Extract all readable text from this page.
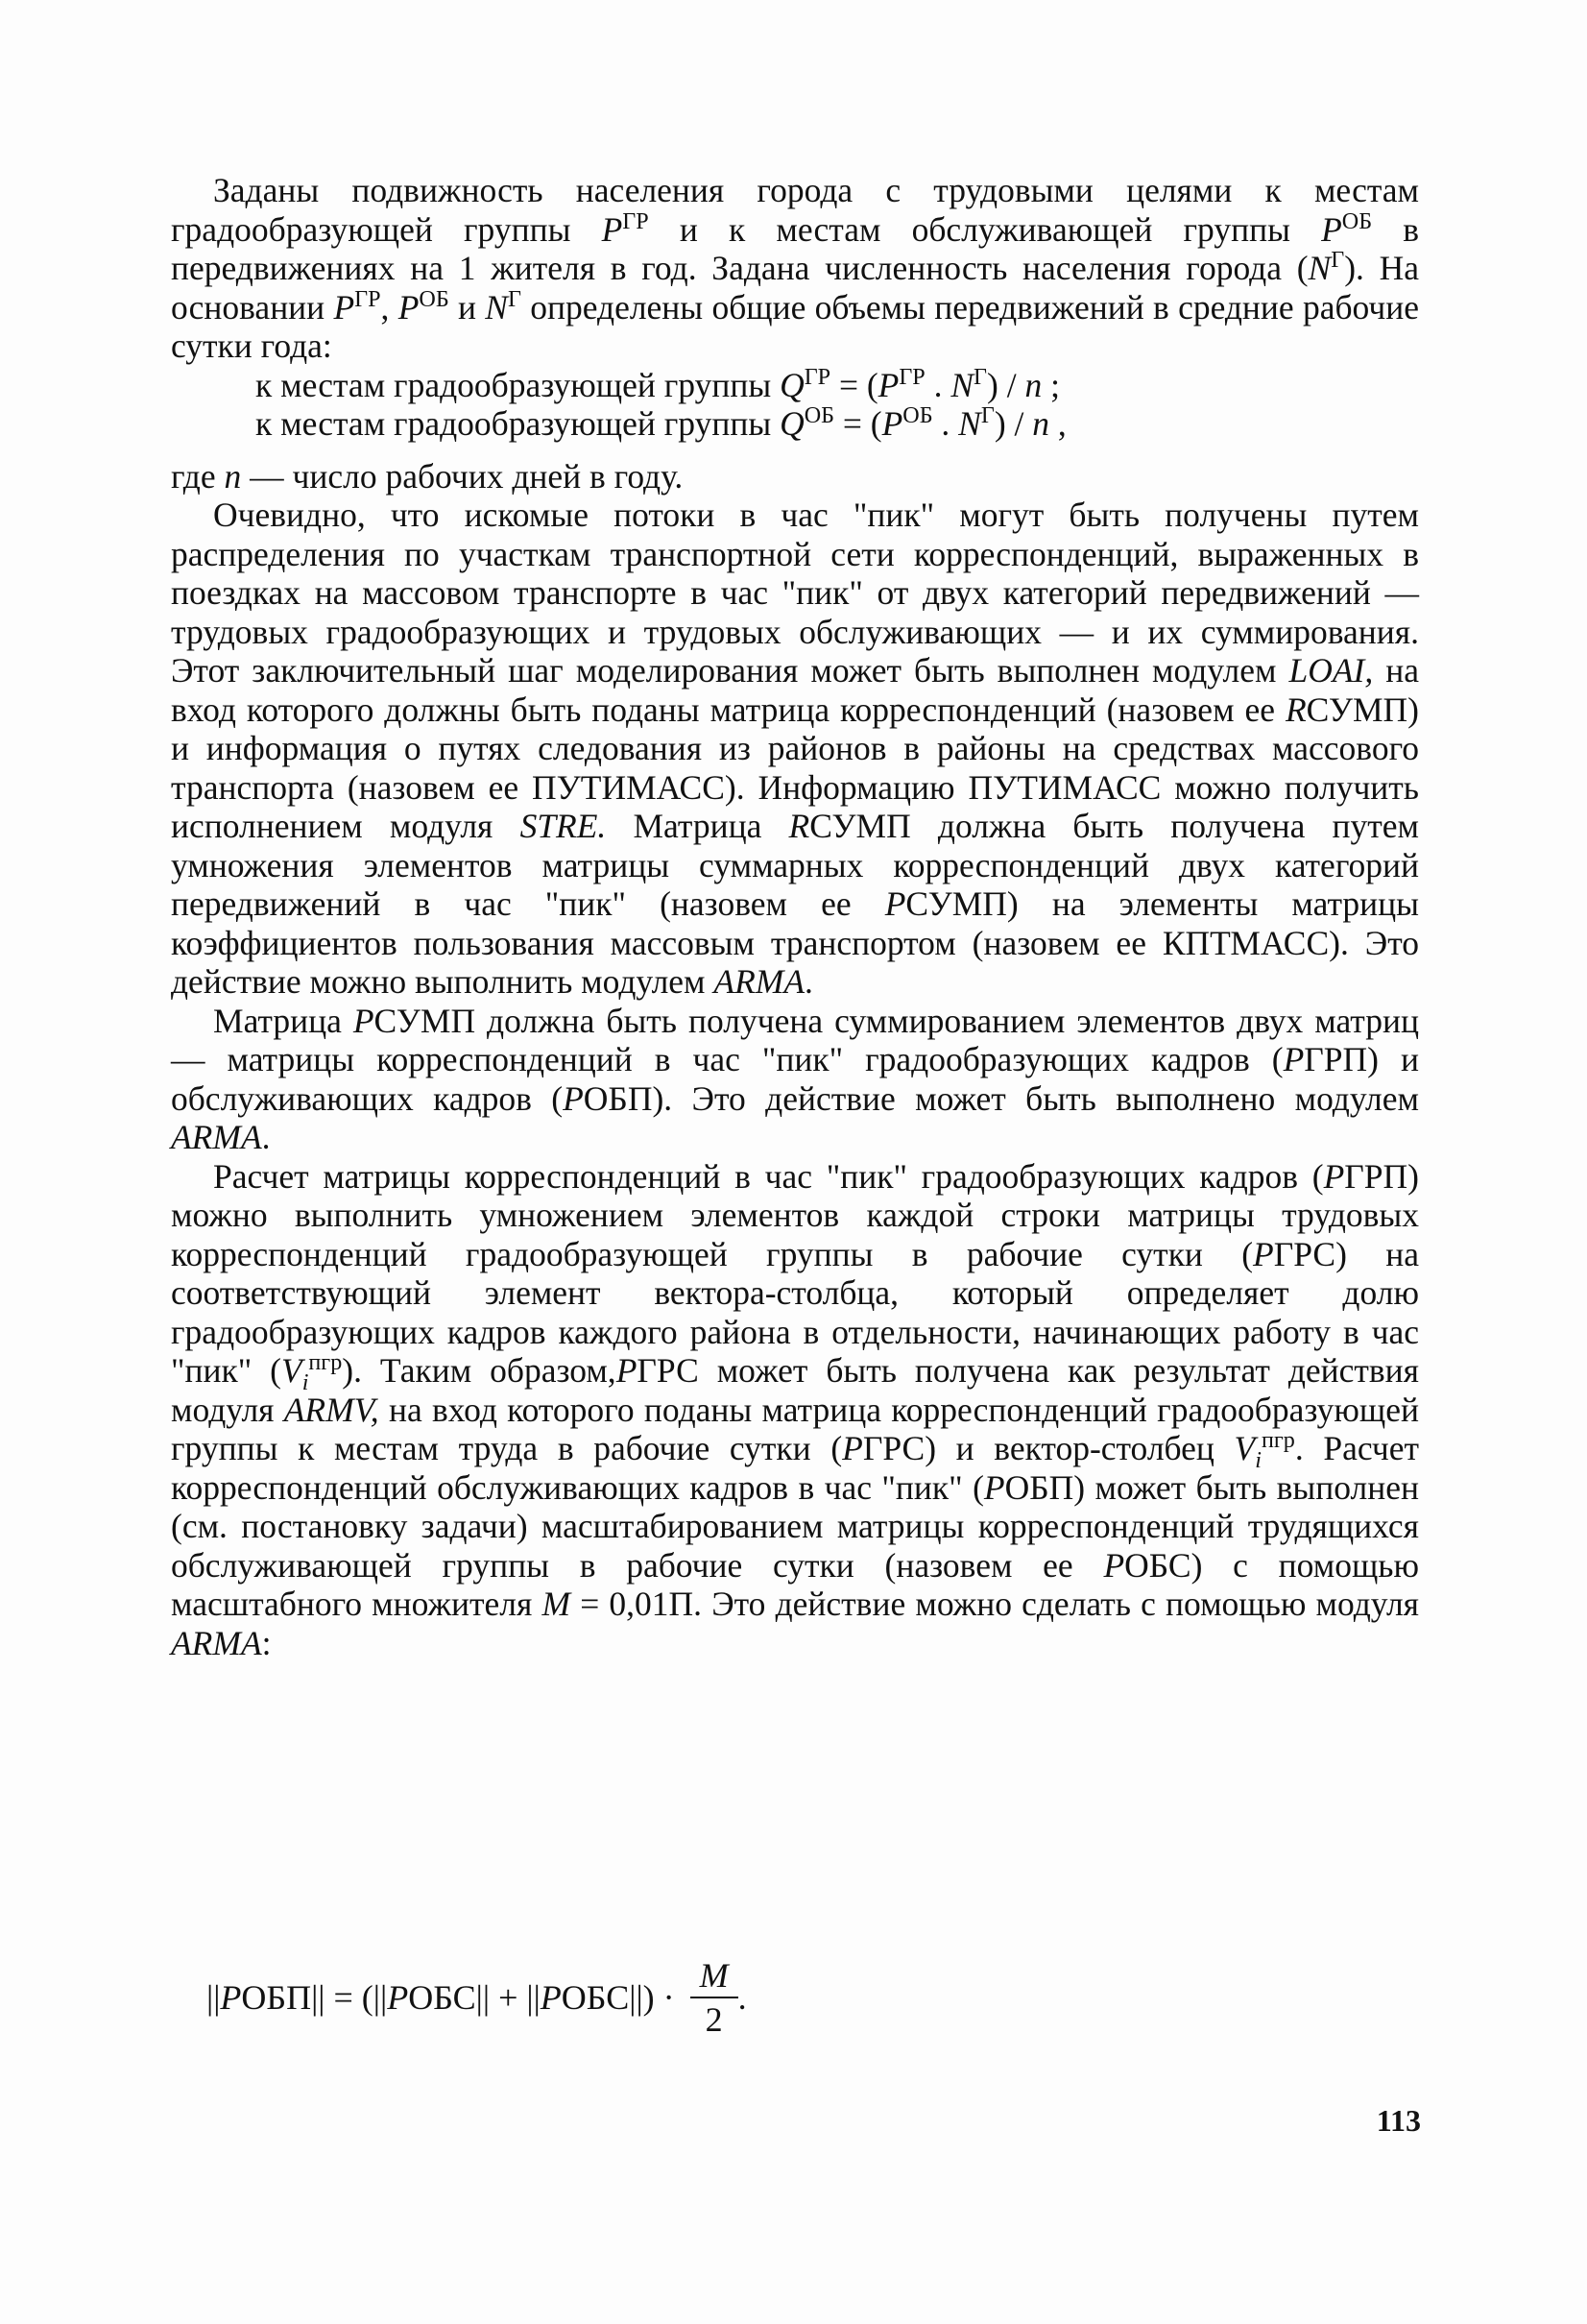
Заданы подвижность населения города с трудовыми целями к местам градообразующей группы $P^{ГР}$ и к местам обслуживающей группы $P^{ОБ}$ в передвижениях на 1 жителя в год. Задана численность населения города $(N^Г)$. На основании $P^{ГР}$, $P^{ОБ}$ и $N^Г$ определены общие объемы передвижений в средние рабочие сутки года:

к местам градообразующей группы $Q^{ГР} = (P^{ГР}$ . $N^Г$) / n ;

к местам градообразующей группы $Q^{ОБ} = (P^{ОБ}$ . $N^Г$) / n ,

где n — число рабочих дней в году.

Очевидно, что искомые потоки в час "пик" могут быть получены путем распределения по участкам транспортной сети корреспонденций, выраженных в поездках на массовом транспорте в час "пик" от двух категорий передвижений — трудовых градообразующих и трудовых обслуживающих — и их суммирования. Этот заключительный шаг моделирования может быть выполнен модулем LOAI, на вход которого должны быть поданы матрица корреспонденций (назовем ее RСУМП) и информация о путях следования из районов в районы на средствах массового транспорта (назовем ее ПУТИМАСС). Информацию ПУТИМАСС можно получить исполнением модуля STRE. Матрица RСУМП должна быть получена путем умножения элементов матрицы суммарных корреспонденций двух категорий передвижений в час "пик" (назовем ее PСУМП) на элементы матрицы коэффициентов пользования массовым транспортом (назовем ее КПТМАСС). Это действие можно выполнить модулем ARMA.

Матрица PСУМП должна быть получена суммированием элементов двух матриц — матрицы корреспонденций в час "пик" градообразующих кадров (PГРП) и обслуживающих кадров (PОБП). Это действие может быть выполнено модулем ARMA.

Расчет матрицы корреспонденций в час "пик" градообразующих кадров (PГРП) можно выполнить умножением элементов каждой строки матрицы трудовых корреспонденций градообразующей группы в рабочие сутки (PГРС) на соответствующий элемент вектора-столбца, который определяет долю градообразующих кадров каждого района в отдельности, начинающих работу в час "пик" $(V_i^{пгр})$. Таким образом,PГРС может быть получена как результат действия модуля ARMV, на вход которого поданы матрица корреспонденций градообразующей группы к местам труда в рабочие сутки (PГРС) и вектор-столбец $V_i^{пгр}$. Расчет корреспонденций обслуживающих кадров в час "пик" (PОБП) может быть выполнен (см. постановку задачи) масштабированием матрицы корреспонденций трудящихся обслуживающей группы в рабочие сутки (назовем ее PОБС) с помощью масштабного множителя M = 0,01П. Это действие можно сделать с помощью модуля ARMA:

|| P ОБП|| = (|| P ОБС|| + || P $ОБС||) \cdot \frac{M}{2}$ .
113
